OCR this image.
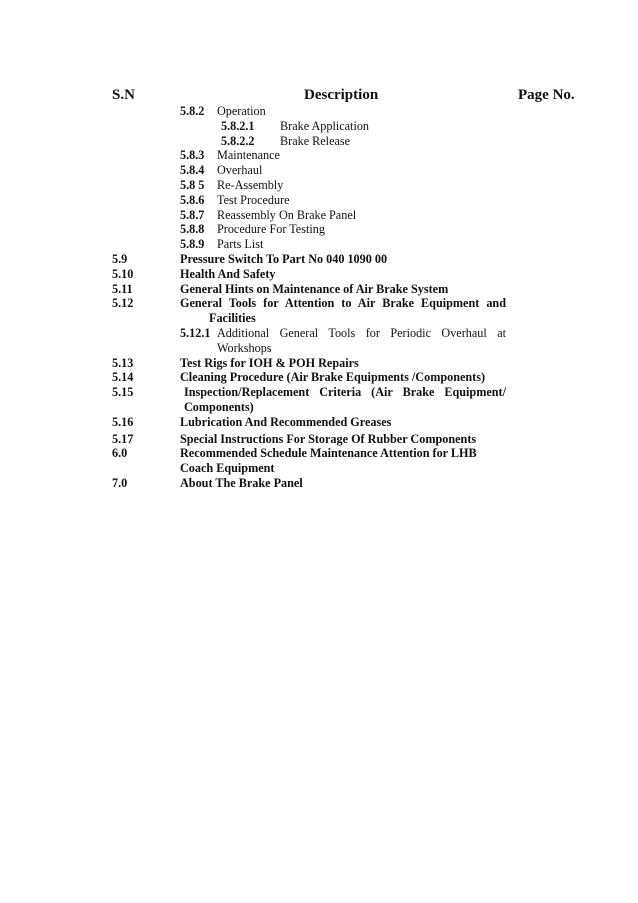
S.N	Description	Page No.
5.8.2 Operation
5.8.2.1 Brake Application
5.8.2.2 Brake Release
5.8.3 Maintenance
5.8.4 Overhaul
5.8 5 Re-Assembly
5.8.6 Test Procedure
5.8.7 Reassembly On Brake Panel
5.8.8 Procedure For Testing
5.8.9 Parts List
5.9	Pressure Switch To Part No 040 1090 00
5.10	Health And Safety
5.11	General Hints on Maintenance of Air Brake System
5.12	General Tools for Attention to Air Brake Equipment and
Facilities
5.12.1 Additional General Tools for Periodic Overhaul at
Workshops
5.13	Test Rigs for IOH & POH Repairs
5.14	Cleaning Procedure (Air Brake Equipments /Components)
5.15	Inspection/Replacement Criteria (Air Brake Equipment/
Components)
5.16	Lubrication And Recommended Greases
5.17	Special Instructions For Storage Of Rubber Components
6.0	Recommended Schedule Maintenance Attention for LHB
Coach Equipment
7.0	About The Brake Panel
